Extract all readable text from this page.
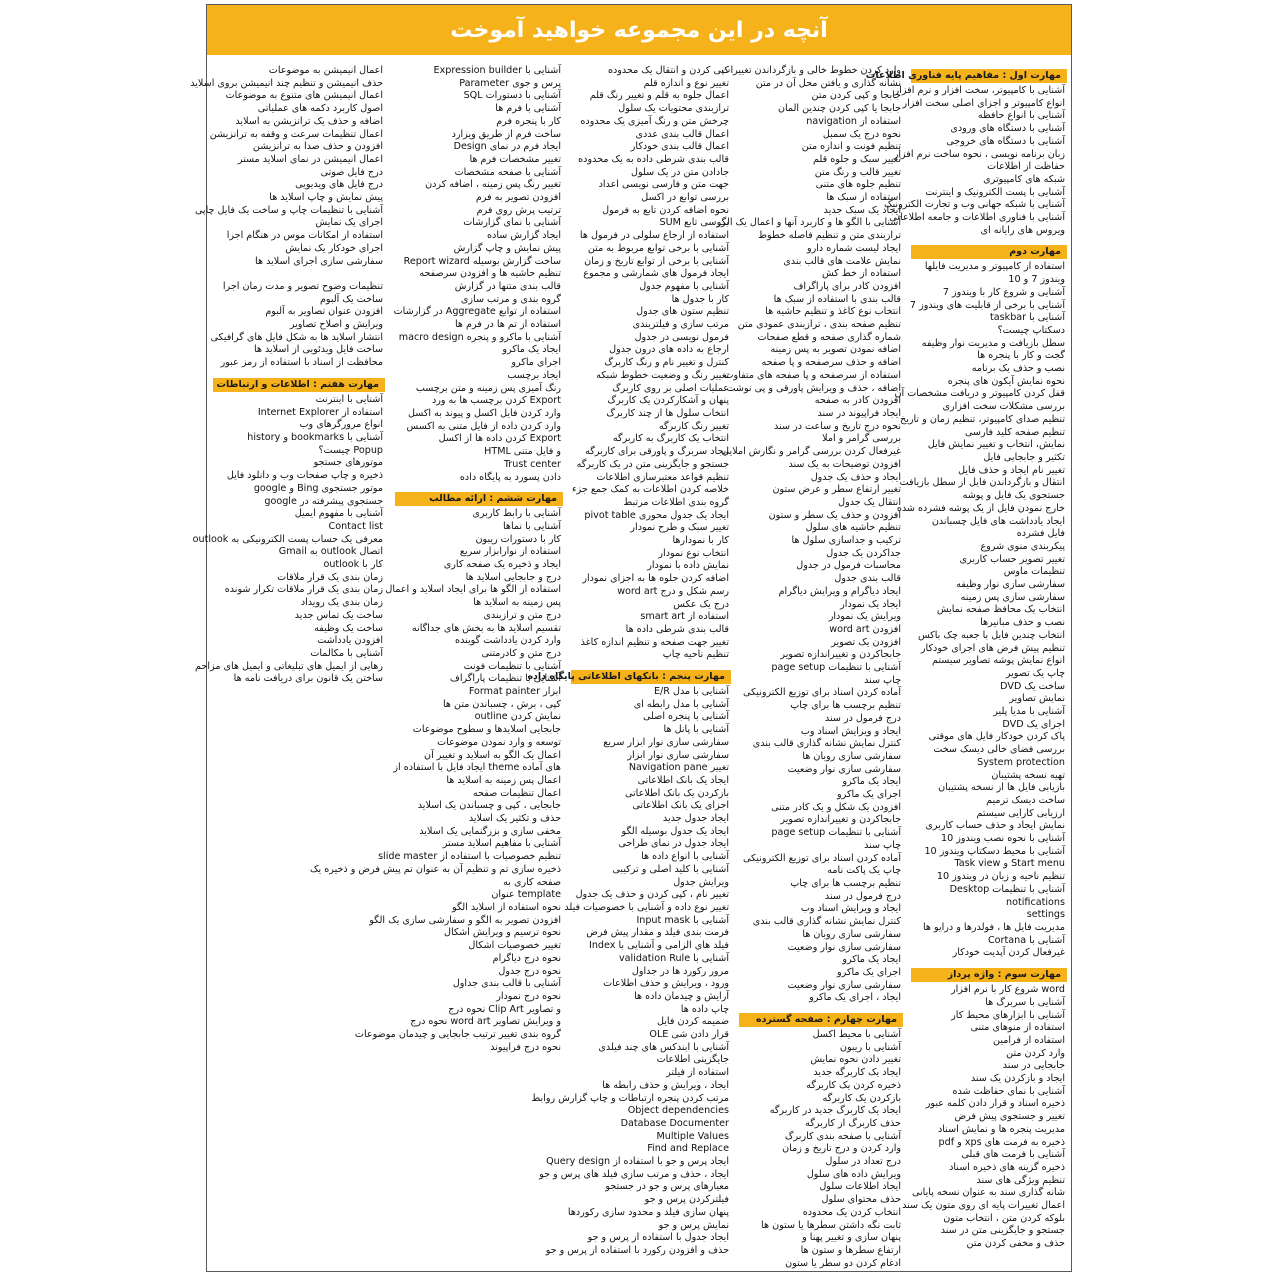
آنچه در این مجموعه خواهید آموخت
مهارت اول : مفاهیم پایه فناوری اطلاعات
آشنایی با کامپیوتر، سخت افزار و نرم افزار
انواع کامپیوتر و اجزای اصلی سخت افزار
آشنایی با انواع حافظه
آشنایی با دستگاه های ورودی
آشنایی با دستگاه های خروجی
زبان برنامه نویسی ، نحوه ساخت نرم افزار
حفاظت از اطلاعات
شبکه های کامپیوتری
آشنایی با پست الکترونیک و اینترنت
آشنایی با شبکه جهانی وب و تجارت الکترونیک
آشنایی با فناوری اطلاعات و جامعه اطلاعاتی
ویروس های رایانه ای
مهارت دوم
استفاده از کامپیوتر و مدیریت فایلها
ویندوز 7 و 10
آشنایی و شروع کار با ویندوز 7
آشنایی با برخی از قابلیت های ویندوز 7
آشنایی با taskbar
دسکتاپ چیست؟
سطل بازیافت و مدیریت نوار وظیفه
گجت و کار با پنجره ها
نصب و حذف یک برنامه
نحوه نمایش آیکون های پنجره
قفل کردن کامپیوتر و دریافت مشخصات آن
بررسی مشکلات سخت افزاری
تنظیم صدای کامپیوتر، تنظیم زمان و تاریخ
تنظیم صفحه کلید فارسی
نمایش، انتخاب و تغییر نمایش فایل
تکثیر و جابجایی فایل
تغییر نام ایجاد و حذف فایل
انتقال و بازگرداندن فایل از سطل بازیافت
جستجوی یک فایل و پوشه
خارج نمودن فایل از یک پوشه فشرده شده
ایجاد یادداشت های فایل چسباندن
فایل فشرده
پیکربندی منوی شروع
تغییر تصویر حساب کاربری
تنظیمات ماوس
سفارشی سازی نوار وظیفه
سفارشی سازی پس زمینه
انتخاب یک محافظ صفحه نمایش
نصب و حذف مبانیرها
انتخاب چندین فایل با جعبه چک باکس
تنظیم پیش فرض های اجرای خودکار
انواع نمایش پوشه تصاویر سیستم
چاپ یک تصویر
ساخت یک DVD
نمایش تصاویر
آشنایی با مدیا پلیر
اجرای یک DVD
پاک کردن خودکار فایل های موقتی
بررسی فضای خالی دیسک سخت
System protection
تهیه نسخه پشتیبان
بازیابی فایل ها از نسخه پشتیبان
ساخت دیسک ترمیم
ارزیابی کارایی سیستم
نمایش ایجاد و حذف حساب کاربری
آشنایی با نحوه نصب ویندوز 10
آشنایی با محیط دسکتاپ ویندوز 10
Start menu و Task view
تنظیم ناحیه و زبان در ویندوز 10
آشنایی با تنظیمات Desktop
notifications
settings
مدیریت فایل ها ، فولدرها و درایو ها
آشنایی با Cortana
غیرفعال کردن آپدیت خودکار
مهارت سوم : واژه پرداز
word شروع کار با نرم افزار
آشنایی با سربرگ ها
آشنایی با ابزارهای محیط کار
استفاده از منوهای متنی
استفاده از فرامین
وارد کردن متن
جابجایی در سند
ایجاد و بازکردن یک سند
آشنایی با نمای حفاظت شده
ذخیره اسناد و قرار دادن کلمه عبور
تغییر و جستجوی پیش فرض
مدیریت پنجره ها و نمایش اسناد
ذخیره به فرمت های xps و pdf
آشنایی با فرمت های قبلی
ذخیره گزینه های ذخیره اسناد
تنظیم ویژگی های سند
شانه گذاری سند به عنوان نسخه پایانی
اعمال تغییرات پایه ای روی متون یک سند
بلوکه کردن متن ، انتخاب متون
جستجو و جایگزینی متن در سند
حذف و مخفی کردن متن
وارد کردن خطوط خالی و بازگرداندن تغییرات
نشانه گذاری و یافتن محل آن در متن
جابجا و کپی کردن متن
جابجا یا کپی کردن چندین المان
استفاده از navigation
نحوه درج یک سمبل
تنظیم فونت و اندازه متن
تغییر سبک و جلوه قلم
تغییر قالب و رنگ متن
تنظیم جلوه های متنی
استفاده از سبک ها
ایجاد یک سبک جدید
آشنایی با الگو ها و کاربرد آنها و اعمال یک الگو
ترازبندی متن و تنظیم فاصله خطوط
ایجاد لیست شماره دارو
نمایش علامت های قالب بندی
استفاده از خط کش
افزودن کادر برای پاراگراف
قالب بندی با استفاده از سبک ها
انتخاب نوع کاغذ و تنظیم حاشیه ها
تنظیم صفحه بندی ، ترازبندی عمودی متن
شماره گذاری صفحه و قطع صفحات
اضافه نمودن تصویر به پس زمینه
اضافه و حذف سرصفحه و پا صفحه
استفاده از سرصفحه و پا صفحه های متفاوت
اضافه ، حذف و ویرایش پاورقی و پی نوشت
افزودن کادر به صفحه
ایجاد فراپیوند در سند
نحوه درج تاریخ و ساعت در سند
بررسی گرامر و املا
غیرفعال کردن بررسی گرامر و نگارش املایی
افزودن توضیحات به یک سند
ایجاد و حذف یک جدول
تغییر ارتفاع سطر و عرض ستون
انتقال یک جدول
افزودن و حذف یک سطر و ستون
تنظیم حاشیه های سلول
ترکیب و جداسازی سلول ها
جداکردن یک جدول
محاسبات فرمول در جدول
قالب بندی جدول
ایجاد دیاگرام و ویرایش دیاگرام
ایجاد یک نمودار
ویرایش یک نمودار
افزودن word art
افزودن یک تصویر
جابجاکردن و تغییراندازه تصویر
آشنایی با تنظیمات page setup
چاپ سند
آماده کردن اسناد برای توزیع الکترونیکی
تنظیم برچسب ها برای چاپ
درج فرمول در سند
ایجاد و ویرایش اسناد وب
کنترل نمایش نشانه گذاری قالب بندی
سفارشی سازی روبان ها
سفارشی سازی نوار وضعیت
ایجاد یک ماکرو
اجرای یک ماکرو
افزودن یک شکل و یک کادر متنی
جابجاکردن و تغییراندازه تصویر
آشنایی با تنظیمات page setup
چاپ سند
آماده کردن اسناد برای توزیع الکترونیکی
چاپ یک پاکت نامه
تنظیم برچسب ها برای چاپ
درج فرمول در سند
ایجاد و ویرایش اسناد وب
کنترل نمایش نشانه گذاری قالب بندی
سفارشی سازی روبان ها
سفارشی سازی نوار وضعیت
ایجاد یک ماکرو
اجرای یک ماکرو
سفارشی سازی نوار وضعیت
ایجاد ، اجرای یک ماکرو
مهارت چهارم : صفحه گسترده
آشنایی با محیط اکسل
آشنایی با ریبون
تغییر دادن نحوه نمایش
ایجاد یک کاربرگه جدید
ذخیره کردن یک کاربرگه
بازکردن یک کاربرگه
ایجاد یک کاربرگ جدید در کاربرگه
حذف کاربرگ از کاربرگه
آشنایی با صفحه بندی کاربرگ
وارد کردن و درج تاریخ و زمان
درج تعداد در سلول
ویرایش داده های سلول
ایجاد اطلاعات سلول
حذف محتوای سلول
انتخاب کردن یک محدوده
ثابت نگه داشتن سطرها یا ستون ها
پنهان سازی و تغییر پهنا و
ارتفاع سطرها و ستون ها
ادغام کردن دو سطر یا ستون
کپی کردن و انتقال یک محدوده
تغییر نوع و اندازه قلم
اعمال جلوه به قلم و تغییر رنگ قلم
ترازبندی محتویات یک سلول
چرخش متن و رنگ آمیزی یک محدوده
اعمال قالب بندی عددی
اعمال قالب بندی خودکار
قالب بندی شرطی داده به یک محدوده
جادادن متن در یک سلول
جهت متن و فارسی نویسی اعداد
بررسی توابع در اکسل
نحوه اضافه کردن تابع به فرمول
بررسی تابع SUM
استفاده از ارجاع سلولی در فرمول ها
آشنایی با برخی توابع مربوط به متن
آشنایی با برخی از توابع تاریخ و زمان
ایجاد فرمول های شمارشی و مجموع
آشنایی با مفهوم جدول
کار با جدول ها
تنظیم ستون های جدول
مرتب سازی و فیلتربندی
فرمول نویسی در جدول
ارجاع به داده های درون جدول
کنترل و تغییر نام و رنگ کاربرگ
تغییر رنگ و وضعیت خطوط شبکه
عملیات اصلی بر روی کاربرگ
پنهان و آشکارکردن یک کاربرگ
انتخاب سلول ها از چند کاربرگ
تغییر رنگ کاربرگه
انتخاب یک کاربرگ به کاربرگه
ایجاد سربرگ و پاورقی برای کاربرگه
جستجو و جایگزینی متن در یک کاربرگه
تنظیم قواعد معتبرسازی اطلاعات
خلاصه کردن اطلاعات به کمک جمع جزء
گروه بندی اطلاعات مرتبط
ایجاد یک جدول محوری pivot table
تغییر سبک و طرح نمودار
کار با نمودارها
انتخاب نوع نمودار
نمایش داده با نمودار
اضافه کردن جلوه ها به اجزای نمودار
رسم شکل و درج word art
درج یک عکس
استفاده از smart art
قالب بندی شرطی داده ها
تغییر جهت صفحه و تنظیم اندازه کاغذ
تنظیم ناحیه چاپ
مهارت پنجم : بانکهای اطلاعاتی پایگاه داده
آشنایی با مدل E/R
آشنایی با مدل رابطه ای
آشنایی با پنجره اصلی
آشنایی با پانل ها
سفارشی سازی نوار ابزار سریع
سفارشی سازی نوار ابزار
تغییر Navigation pane
ایجاد یک بانک اطلاعاتی
بازکردن یک بانک اطلاعاتی
اجزای یک بانک اطلاعاتی
ایجاد جدول جدید
ایجاد یک جدول بوسیله الگو
ایجاد جدول در نمای طراحی
آشنایی با انواع داده ها
آشنایی با کلید اصلی و ترکیبی
ویرایش جدول
تغییر نام ، کپی کردن و حذف یک جدول
تغییر نوع داده و آشنایی با خصوصیات فیلد
آشنایی با Input mask
فرمت بندی فیلد و مقدار پیش فرض
فیلد های الزامی و آشنایی با Index
آشنایی با validation Rule
مرور رکورد ها در جداول
ورود ، ویرایش و حذف اطلاعات
آرایش و چیدمان داده ها
چاپ داده ها
ضمیمه کردن فایل
قرار دادن شی OLE
آشنایی با ابندکس های چند فیلدی
جایگزینی اطلاعات
استفاده از فیلتر
ایجاد ، ویرایش و حذف رابطه ها
مرتب کردن پنجره ارتباطات و چاپ گزارش روابط
Object dependencies
Database Documenter
Multiple Values
Find and Replace
ایجاد پرس و جو با استفاده از Query design
ایجاد ، حذف و مرتب سازی فیلد های پرس و جو
معیارهای پرس و جو در جستجو
فیلترکردن پرس و جو
پنهان سازی فیلد و محدود سازی رکوردها
نمایش پرس و جو
ایجاد جدول با استفاده از پرس و جو
حذف و افزودن رکورد با استفاده از پرس و جو
آشنایی با Expression builder
پرس و جوی Parameter
آشنایی با دستورات SQL
آشنایی با فرم ها
کار با پنجره فرم
ساخت فرم از طریق ویزارد
ایجاد فرم در نمای Design
تغییر مشخصات فرم ها
آشنایی با صفحه مشخصات
تغییر رنگ پس زمینه ، اضافه کردن
افزودن تصویر به فرم
ترتیب پرش روی فرم
آشنایی با نمای گزارشات
ایجاد گزارش ساده
پیش نمایش و چاپ گزارش
ساخت گزارش بوسیله Report wizard
تنظیم حاشیه ها و افزودن سرصفحه
قالب بندی متنها در گزارش
گروه بندی و مرتب سازی
استفاده از توابع Aggregate در گزارشات
استفاده از تم ها در فرم ها
آشنایی با ماکرو و پنجره macro design
ایجاد یک ماکرو
اجرای ماکرو
ایجاد برچسب
رنگ آمیزی پس زمینه و متن برچسب
Export کردن برچسب ها به ورد
وارد کردن فایل اکسل و پیوند به اکسل
وارد کردن داده از فایل متنی به اکسس
Export کردن داده ها از اکسل
و فایل متنی HTML
Trust center
دادن پسورد به پایگاه داده
مهارت ششم : ارائه مطالب
آشنایی با رابط کاربری
آشنایی با نماها
کار با دستورات ریبون
استفاده از نوارابزار سریع
ایجاد و ذخیره یک صفحه کاری
درج و جابجایی اسلاید ها
استفاده از الگو ها برای ایجاد اسلاید و اعمال
پس زمینه به اسلاید ها
درج متن و ترازبندی
تقسیم اسلاید ها به بخش های جداگانه
وارد کردن یادداشت گوینده
درج متن و کادرمتنی
آشنایی با تنظیمات فونت
آشنایی با تنظیمات پاراگراف
ابزار Format painter
کپی ، برش ، چسباندن متن ها
نمایش کردن outline
جابجایی اسلایدها و سطوح موضوعات
توسعه و وارد نمودن موضوعات
اعمال یک الگو به اسلاید و تغییر آن
های آماده theme ایجاد فایل با استفاده از
اعمال پس زمینه به اسلاید ها
اعمال تنظیمات صفحه
جابجایی ، کپی و چسباندن یک اسلاید
حذف و تکثیر یک اسلاید
مخفی سازی و بزرگنمایی یک اسلاید
آشنایی با مفاهیم اسلاید مستر
تنظیم خصوصیات با استفاده از slide master
ذخیره سازی تم و تنظیم آن به عنوان تم پیش فرض و ذخیره یک
صفحه کاری به
template عنوان
نحوه استفاده از اسلاید الگو
افزودن تصویر به الگو و سفارشی سازی یک الگو
نحوه ترسیم و ویرایش اشکال
تغییر خصوصیات اشکال
نحوه درج دیاگرام
نحوه درج جدول
آشنایی با قالب بندی جداول
نحوه درج نمودار
و تصاویر Clip Art نحوه درج
و ویرایش تصاویر word art نحوه درج
گروه بندی تغییر ترتیب جابجایی و چیدمان موضوعات
نحوه درج فراپیوند
اعمال انیمیشن به موضوعات
حذف انیمیشن و تنظیم چند انیمیشن بروی اسلاید
اعمال انیمیشن های متنوع به موضوعات
اصول کاربرد دکمه های عملیاتی
اضافه و حذف یک ترانزیشن به اسلاید
اعمال تنظیمات سرعت و وقفه به ترانزیشن
افزودن و حذف صدا به ترانزیشن
اعمال انیمیشن در نمای اسلاید مستر
درج فایل صوتی
درج فایل های ویدیویی
پیش نمایش و چاپ اسلاید ها
آشنایی با تنظیمات چاپ و ساخت یک فایل چاپی
اجرای یک نمایش
استفاده از امکانات موس در هنگام اجرا
اجرای خودکار یک نمایش
سفارشی سازی اجرای اسلاید ها

تنظیمات وضوح تصویر و مدت زمان اجرا
ساخت یک آلبوم
افزودن عنوان تصاویر به آلبوم
ویرایش و اصلاح تصاویر
انتشار اسلاید ها به شکل فایل های گرافیکی
ساخت فایل ویدئویی از اسلاید ها
محافظت از اسناد با استفاده از رمز عبور
مهارت هفتم : اطلاعات و ارتباطات
آشنایی با اینترنت
استفاده از Internet Explorer
انواع مرورگرهای وب
آشنایی با bookmarks و history
Popup چیست؟
موتورهای جستجو
ذخیره و چاپ صفحات وب و دانلود فایل
موتور جستجوی Bing و google
جستجوی پیشرفته در google
آشنایی با مفهوم ایمیل
Contact list
معرفی یک حساب پست الکترونیکی به outlook
اتصال outlook به Gmail
کار با outlook
زمان بندی یک قرار ملاقات
زمان بندی یک قرار ملاقات تکرار شونده
زمان بندی یک رویداد
ساخت یک تماس جدید
ساخت یک وظیفه
افزودن یادداشت
آشنایی با مکالمات
رهایی از ایمیل های تبلیغاتی و ایمیل های مزاحم
ساختن یک قانون برای دریافت نامه ها
